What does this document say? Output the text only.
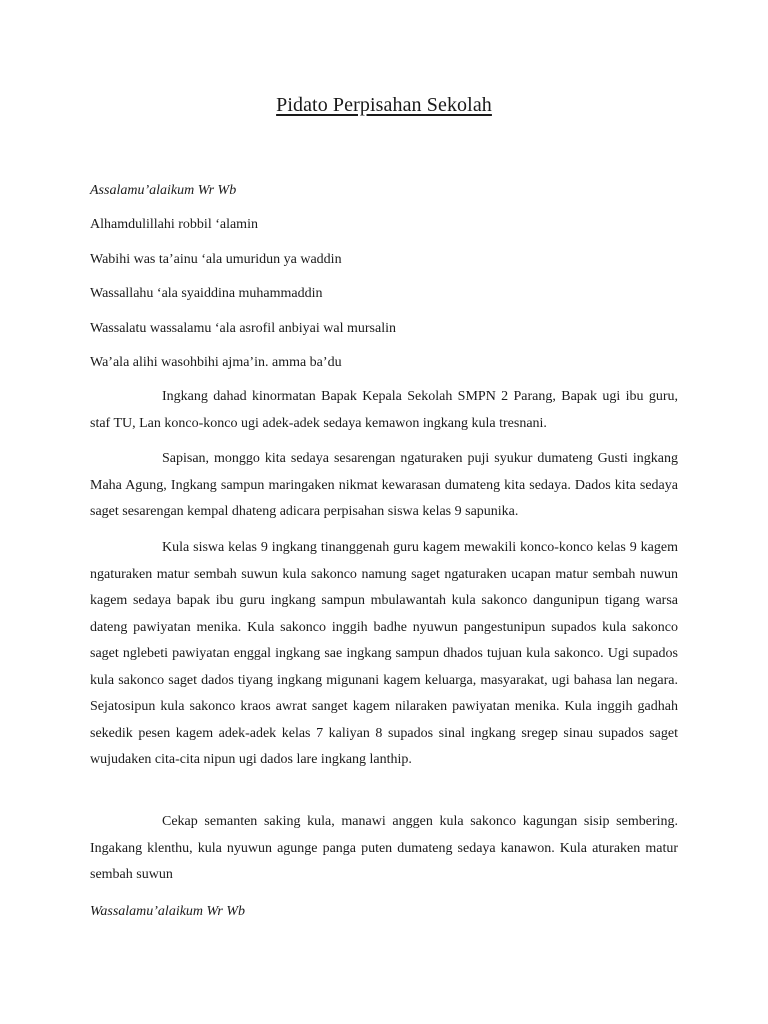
Pidato Perpisahan Sekolah

Assalamu’alaikum Wr Wb

Alhamdulillahi robbil ‘alamin

Wabihi was ta’ainu ‘ala umuridun ya waddin

Wassallahu ‘ala syaiddina muhammaddin

Wassalatu wassalamu ‘ala asrofil anbiyai wal mursalin

Wa’ala alihi wasohbihi ajma’in. amma ba’du

Ingkang dahad kinormatan Bapak Kepala Sekolah SMPN 2 Parang, Bapak ugi ibu guru, staf TU, Lan konco-konco ugi adek-adek sedaya kemawon ingkang kula tresnani.

Sapisan, monggo kita sedaya sesarengan ngaturaken puji syukur dumateng Gusti ingkang Maha Agung, Ingkang sampun maringaken nikmat kewarasan dumateng kita sedaya. Dados kita sedaya saget sesarengan kempal dhateng adicara perpisahan siswa kelas 9 sapunika.

Kula siswa kelas 9 ingkang tinanggenah guru kagem mewakili konco-konco kelas 9 kagem ngaturaken matur sembah suwun kula sakonco namung saget ngaturaken ucapan matur sembah nuwun kagem sedaya bapak ibu guru ingkang sampun mbulawantah kula sakonco dangunipun tigang warsa dateng pawiyatan menika. Kula sakonco inggih badhe nyuwun pangestunipun supados kula sakonco saget nglebeti pawiyatan enggal ingkang sae ingkang sampun dhados tujuan kula sakonco. Ugi supados kula sakonco saget dados tiyang ingkang migunani kagem keluarga, masyarakat, ugi bahasa lan negara. Sejatosipun kula sakonco kraos awrat sanget kagem nilaraken pawiyatan menika. Kula inggih gadhah sekedik pesen kagem adek-adek kelas 7 kaliyan 8 supados sinal ingkang sregep sinau supados saget wujudaken cita-cita nipun ugi dados lare ingkang lanthip.

Cekap semanten saking kula, manawi anggen kula sakonco kagungan sisip sembering. Ingakang klenthu, kula nyuwun agunge panga puten dumateng sedaya kanawon. Kula aturaken matur sembah suwun

Wassalamu’alaikum Wr Wb
